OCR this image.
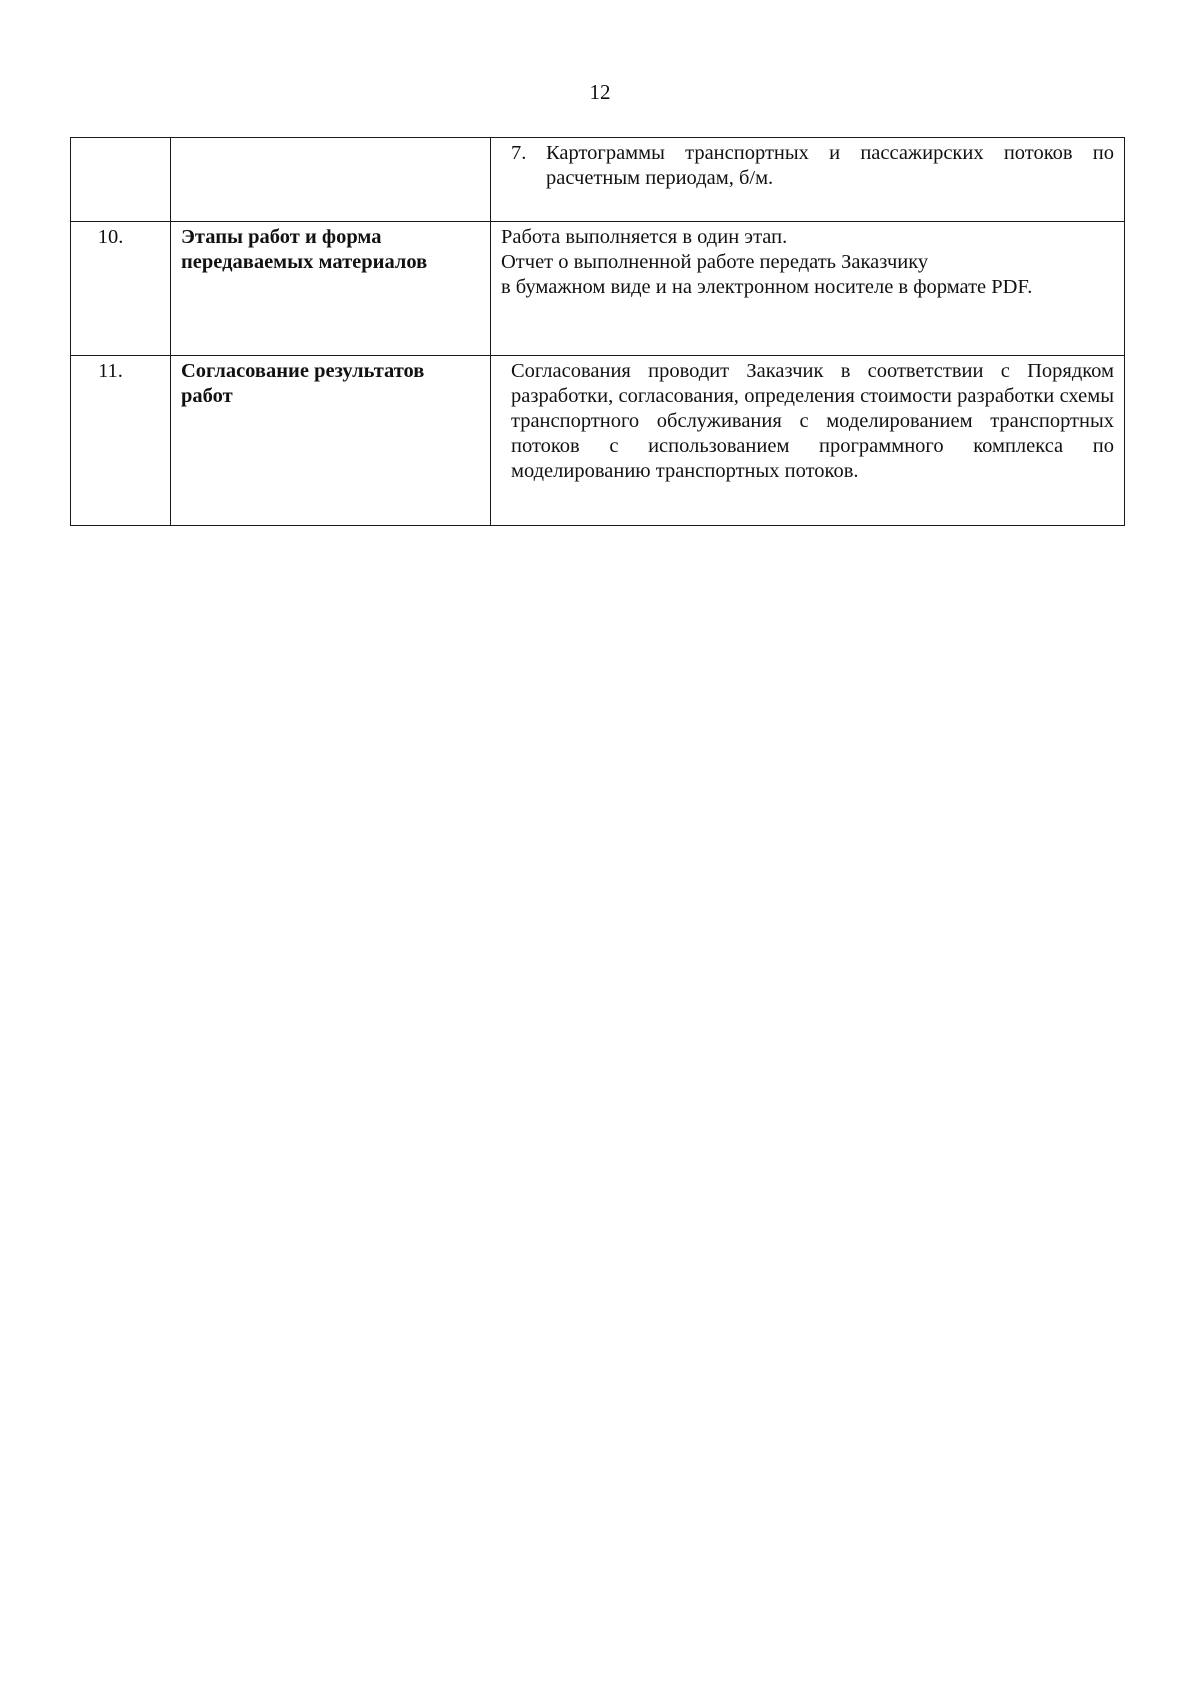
12

		7. Картограммы транспортных и пассажирских потоков по расчетным периодам, б/м.

10.	Этапы работ и форма передаваемых материалов	Работа выполняется в один этап.
Отчет о выполненной работе передать Заказчику
в бумажном виде и на электронном носителе в формате PDF.

11.	Согласование результатов работ	Согласования проводит Заказчик в соответствии с Порядком разработки, согласования, определения стоимости разработки схемы транспортного обслуживания с моделированием транспортных потоков с использованием программного комплекса по моделированию транспортных потоков.
